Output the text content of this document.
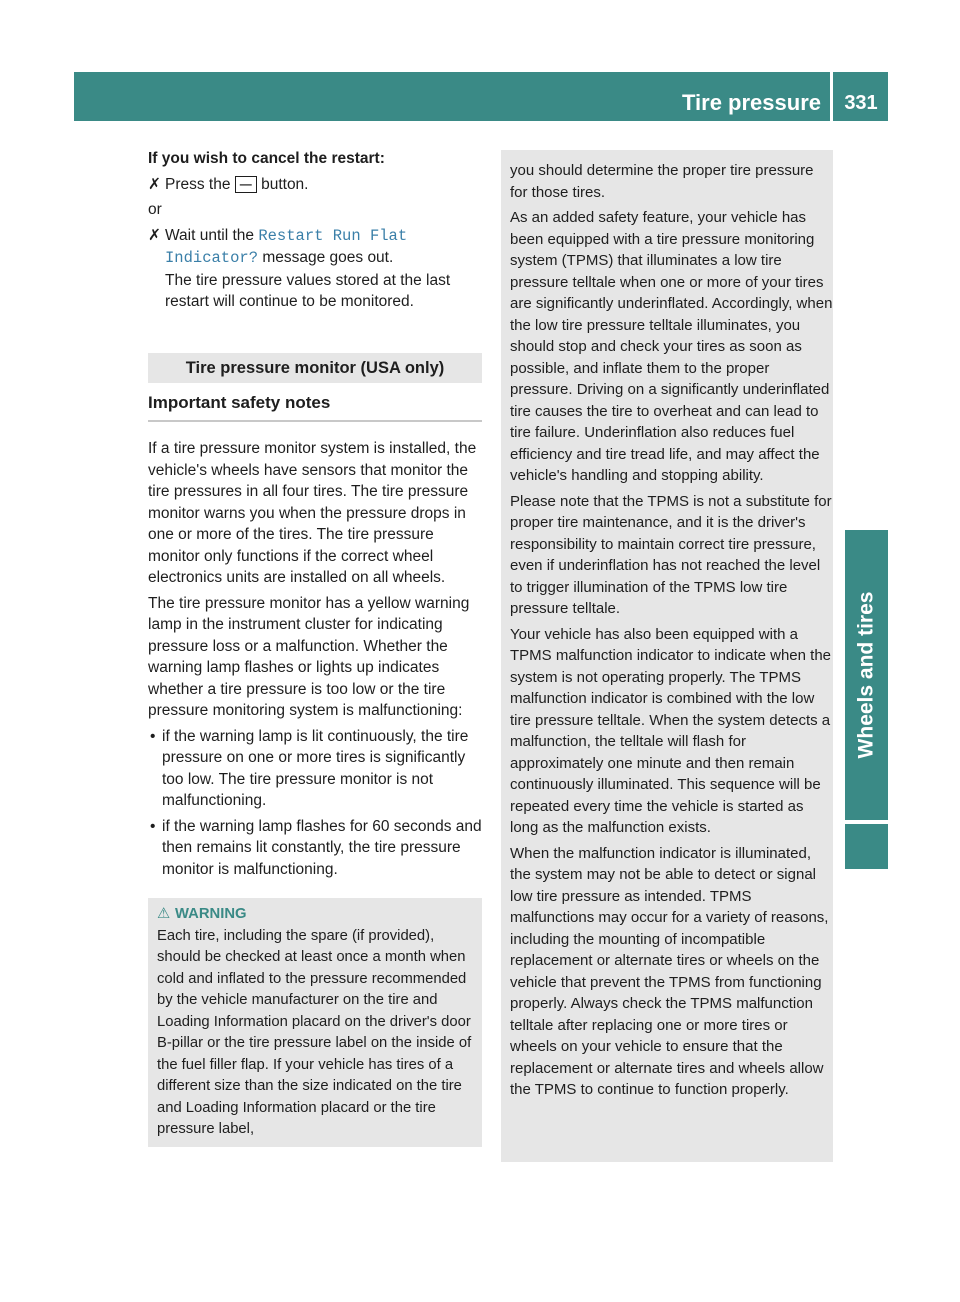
Tire pressure	331
Wheels and tires

If you wish to cancel the restart:

✗ Press the — button.

or

✗ Wait until the Restart Run Flat Indicator? message goes out.
The tire pressure values stored at the last restart will continue to be monitored.
Tire pressure monitor (USA only)
Important safety notes

If a tire pressure monitor system is installed, the vehicle's wheels have sensors that monitor the tire pressures in all four tires. The tire pressure monitor warns you when the pressure drops in one or more of the tires. The tire pressure monitor only functions if the correct wheel electronics units are installed on all wheels.

The tire pressure monitor has a yellow warning lamp in the instrument cluster for indicating pressure loss or a malfunction. Whether the warning lamp flashes or lights up indicates whether a tire pressure is too low or the tire pressure monitoring system is malfunctioning:

• if the warning lamp is lit continuously, the tire pressure on one or more tires is significantly too low. The tire pressure monitor is not malfunctioning.

• if the warning lamp flashes for 60 seconds and then remains lit constantly, the tire pressure monitor is malfunctioning.

⚠ WARNING
Each tire, including the spare (if provided), should be checked at least once a month when cold and inflated to the pressure recommended by the vehicle manufacturer on the tire and Loading Information placard on the driver's door B-pillar or the tire pressure label on the inside of the fuel filler flap. If your vehicle has tires of a different size than the size indicated on the tire and Loading Information placard or the tire pressure label,

you should determine the proper tire pressure for those tires.

As an added safety feature, your vehicle has been equipped with a tire pressure monitoring system (TPMS) that illuminates a low tire pressure telltale when one or more of your tires are significantly underinflated. Accordingly, when the low tire pressure telltale illuminates, you should stop and check your tires as soon as possible, and inflate them to the proper pressure. Driving on a significantly underinflated tire causes the tire to overheat and can lead to tire failure. Underinflation also reduces fuel efficiency and tire tread life, and may affect the vehicle's handling and stopping ability.

Please note that the TPMS is not a substitute for proper tire maintenance, and it is the driver's responsibility to maintain correct tire pressure, even if underinflation has not reached the level to trigger illumination of the TPMS low tire pressure telltale.

Your vehicle has also been equipped with a TPMS malfunction indicator to indicate when the system is not operating properly. The TPMS malfunction indicator is combined with the low tire pressure telltale. When the system detects a malfunction, the telltale will flash for approximately one minute and then remain continuously illuminated. This sequence will be repeated every time the vehicle is started as long as the malfunction exists.

When the malfunction indicator is illuminated, the system may not be able to detect or signal low tire pressure as intended. TPMS malfunctions may occur for a variety of reasons, including the mounting of incompatible replacement or alternate tires or wheels on the vehicle that prevent the TPMS from functioning properly. Always check the TPMS malfunction telltale after replacing one or more tires or wheels on your vehicle to ensure that the replacement or alternate tires and wheels allow the TPMS to continue to function properly.
